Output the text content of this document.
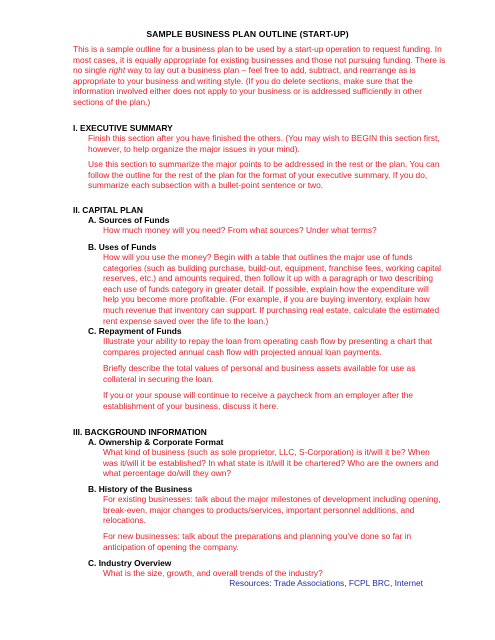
SAMPLE BUSINESS PLAN OUTLINE (START-UP)
This is a sample outline for a business plan to be used by a start-up operation to request funding. In most cases, it is equally appropriate for existing businesses and those not pursuing funding. There is no single right way to lay out a business plan – feel free to add, subtract, and rearrange as is appropriate to your business and writing style. (If you do delete sections, make sure that the information involved either does not apply to your business or is addressed sufficiently in other sections of the plan.)
I. EXECUTIVE SUMMARY
Finish this section after you have finished the others. (You may wish to BEGIN this section first, however, to help organize the major issues in your mind).
Use this section to summarize the major points to be addressed in the rest or the plan. You can follow the outline for the rest of the plan for the format of your executive summary. If you do, summarize each subsection with a bullet-point sentence or two.
II. CAPITAL PLAN
A. Sources of Funds
How much money will you need? From what sources? Under what terms?
B. Uses of Funds
How will you use the money? Begin with a table that outlines the major use of funds categories (such as building purchase, build-out, equipment, franchise fees, working capital reserves, etc.) and amounts required, then follow it up with a paragraph or two describing each use of funds category in greater detail. If possible, explain how the expenditure will help you become more profitable. (For example, if you are buying inventory, explain how much revenue that inventory can support. If purchasing real estate, calculate the estimated rent expense saved over the life to the loan.)
C. Repayment of Funds
Illustrate your ability to repay the loan from operating cash flow by presenting a chart that compares projected annual cash flow with projected annual loan payments.
Briefly describe the total values of personal and business assets available for use as collateral in securing the loan.
If you or your spouse will continue to receive a paycheck from an employer after the establishment of your business, discuss it here.
III. BACKGROUND INFORMATION
A. Ownership & Corporate Format
What kind of business (such as sole proprietor, LLC, S-Corporation) is it/will it be? When was it/will it be established? In what state is it/will it be chartered? Who are the owners and what percentage do/will they own?
B. History of the Business
For existing businesses: talk about the major milestones of development including opening, break-even, major changes to products/services, important personnel additions, and relocations.
For new businesses: talk about the preparations and planning you’ve done so far in anticipation of opening the company.
C. Industry Overview
What is the size, growth, and overall trends of the industry?
Resources: Trade Associations, FCPL BRC, Internet
